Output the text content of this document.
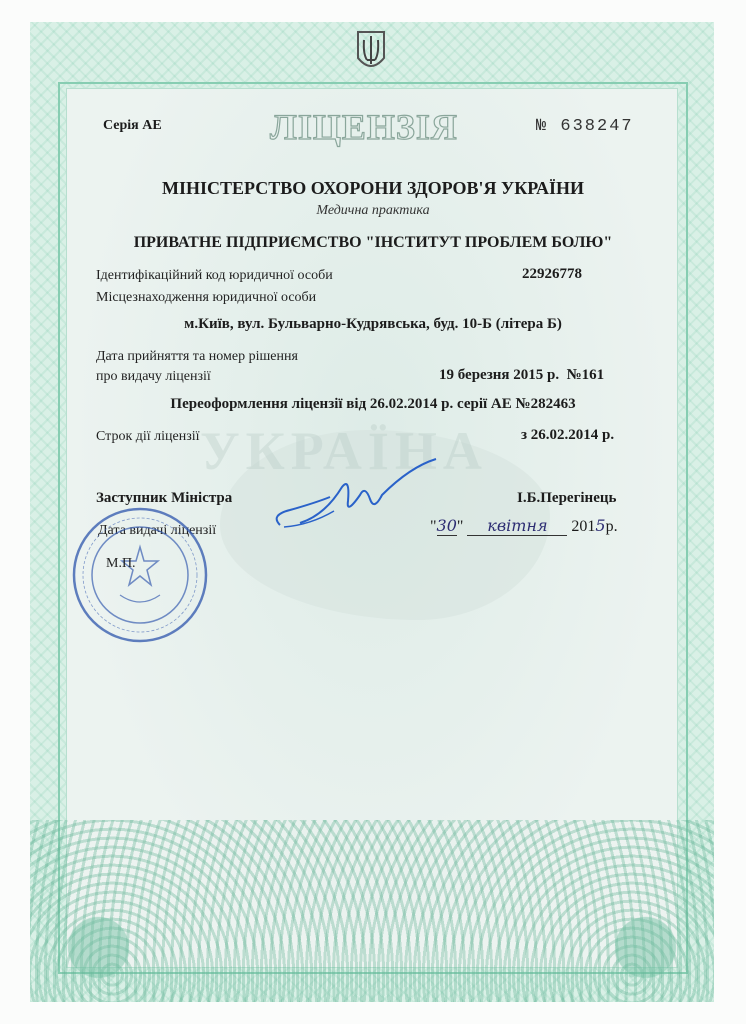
УКРАЇНА
Серія АЕ	ЛІЦЕНЗІЯ	№ 638247
МІНІСТЕРСТВО ОХОРОНИ ЗДОРОВ'Я УКРАЇНИ
Медична практика
ПРИВАТНЕ ПІДПРИЄМСТВО "ІНСТИТУТ ПРОБЛЕМ БОЛЮ"
Ідентифікаційний код юридичної особи	22926778
Місцезнаходження юридичної особи
м.Київ, вул. Бульварно-Кудрявська, буд. 10-Б (літера Б)
Дата прийняття та номер рішення
про видачу ліцензії	19 березня 2015 р.  №161
Переоформлення ліцензії від 26.02.2014 р. серії АЕ №282463
Строк дії ліцензії	з 26.02.2014 р.
Заступник Міністра	І.Б.Перегінець
Дата видачі ліцензії	"30" квітня 2015р.
М.П.
